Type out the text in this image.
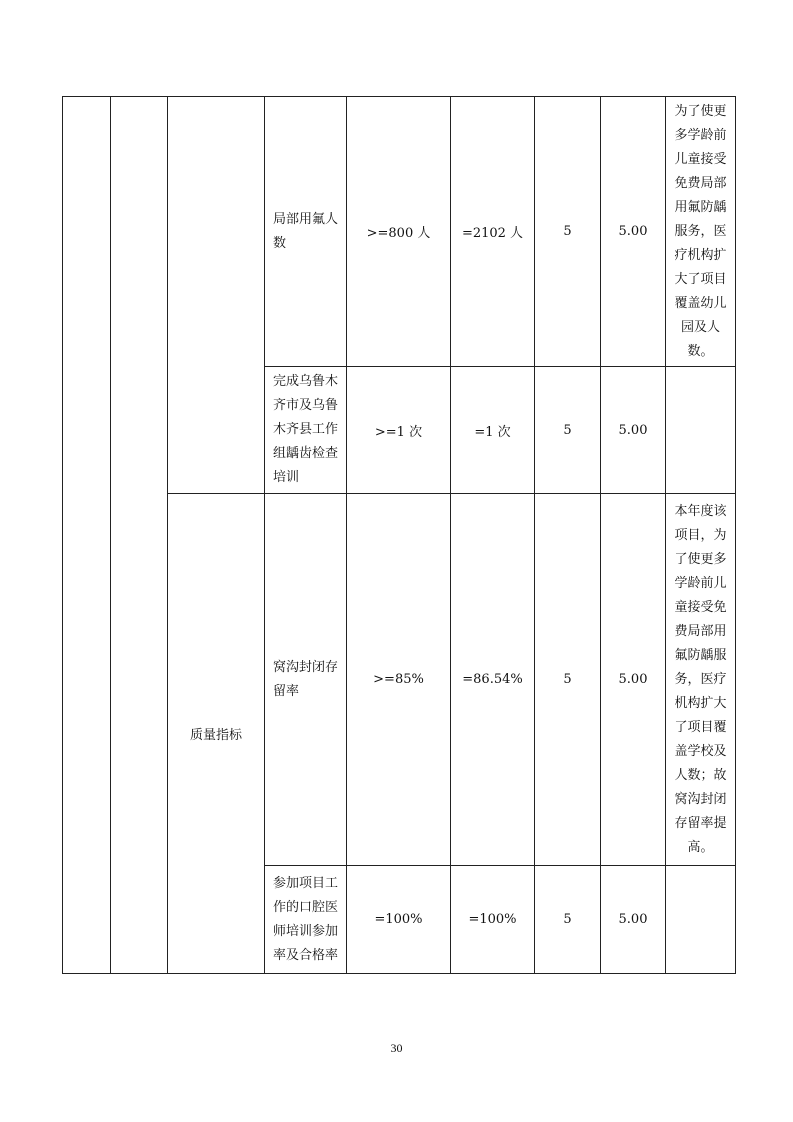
			局部用氟人数	>=800 人	=2102 人	5	5.00	为了使更多学龄前儿童接受免费局部用氟防龋服务，医疗机构扩大了项目覆盖幼儿园及人数。
			完成乌鲁木齐市及乌鲁木齐县工作组龋齿检查培训	>=1 次	=1 次	5	5.00	
		质量指标	窝沟封闭存留率	>=85%	=86.54%	5	5.00	本年度该项目，为了使更多学龄前儿童接受免费局部用氟防龋服务，医疗机构扩大了项目覆盖学校及人数；故窝沟封闭存留率提高。
			参加项目工作的口腔医师培训参加率及合格率	=100%	=100%	5	5.00	
30
